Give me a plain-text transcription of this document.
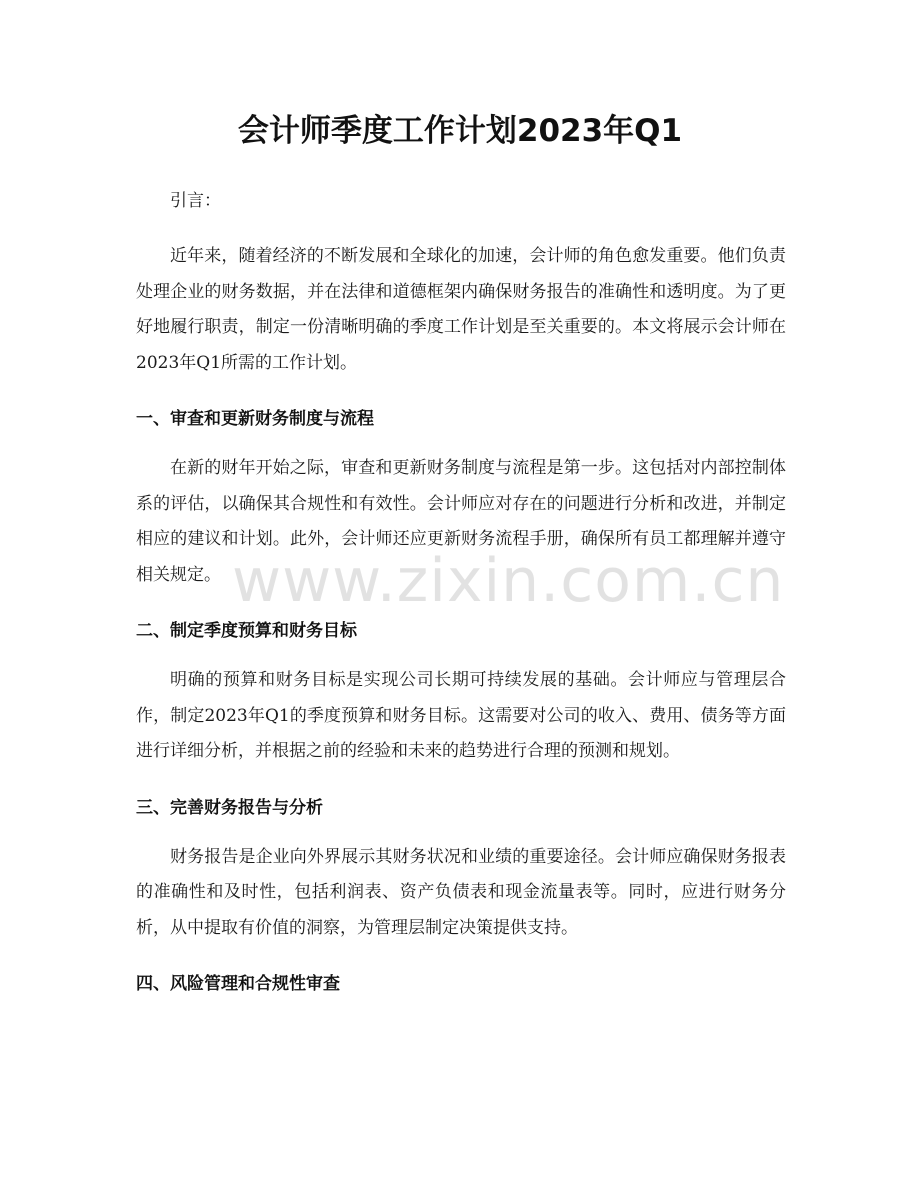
会计师季度工作计划2023年Q1

引言：

近年来，随着经济的不断发展和全球化的加速，会计师的角色愈发重要。他们负责处理企业的财务数据，并在法律和道德框架内确保财务报告的准确性和透明度。为了更好地履行职责，制定一份清晰明确的季度工作计划是至关重要的。本文将展示会计师在2023年Q1所需的工作计划。

一、审查和更新财务制度与流程

在新的财年开始之际，审查和更新财务制度与流程是第一步。这包括对内部控制体系的评估，以确保其合规性和有效性。会计师应对存在的问题进行分析和改进，并制定相应的建议和计划。此外，会计师还应更新财务流程手册，确保所有员工都理解并遵守相关规定。

二、制定季度预算和财务目标

明确的预算和财务目标是实现公司长期可持续发展的基础。会计师应与管理层合作，制定2023年Q1的季度预算和财务目标。这需要对公司的收入、费用、债务等方面进行详细分析，并根据之前的经验和未来的趋势进行合理的预测和规划。

三、完善财务报告与分析

财务报告是企业向外界展示其财务状况和业绩的重要途径。会计师应确保财务报表的准确性和及时性，包括利润表、资产负债表和现金流量表等。同时，应进行财务分析，从中提取有价值的洞察，为管理层制定决策提供支持。

四、风险管理和合规性审查
www.zixin.com.cn
